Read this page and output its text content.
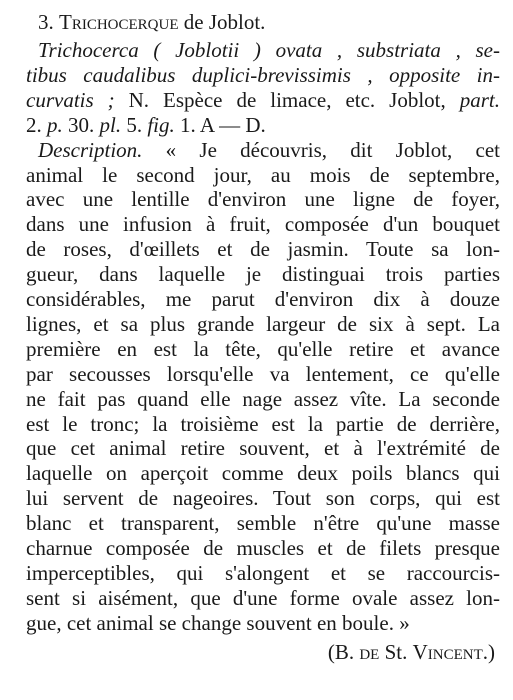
3. Trichocerque de Joblot.
Trichocerca ( Joblotii ) ovata , substriata , se-
tibus caudalibus duplici-brevissimis , opposite in-
curvatis ; N. Espèce de limace, etc. Joblot, part.
2. p. 30. pl. 5. fig. 1. A — D.
Description. « Je découvris, dit Joblot, cet
animal le second jour, au mois de septembre,
avec une lentille d'environ une ligne de foyer,
dans une infusion à fruit, composée d'un bouquet
de roses, d'œillets et de jasmin. Toute sa lon-
gueur, dans laquelle je distinguai trois parties
considérables, me parut d'environ dix à douze
lignes, et sa plus grande largeur de six à sept. La
première en est la tête, qu'elle retire et avance
par secousses lorsqu'elle va lentement, ce qu'elle
ne fait pas quand elle nage assez vîte. La seconde
est le tronc; la troisième est la partie de derrière,
que cet animal retire souvent, et à l'extrémité de
laquelle on aperçoit comme deux poils blancs qui
lui servent de nageoires. Tout son corps, qui est
blanc et transparent, semble n'être qu'une masse
charnue composée de muscles et de filets presque
imperceptibles, qui s'alongent et se raccourcis-
sent si aisément, que d'une forme ovale assez lon-
gue, cet animal se change souvent en boule. »
(B. de St. Vincent.)
